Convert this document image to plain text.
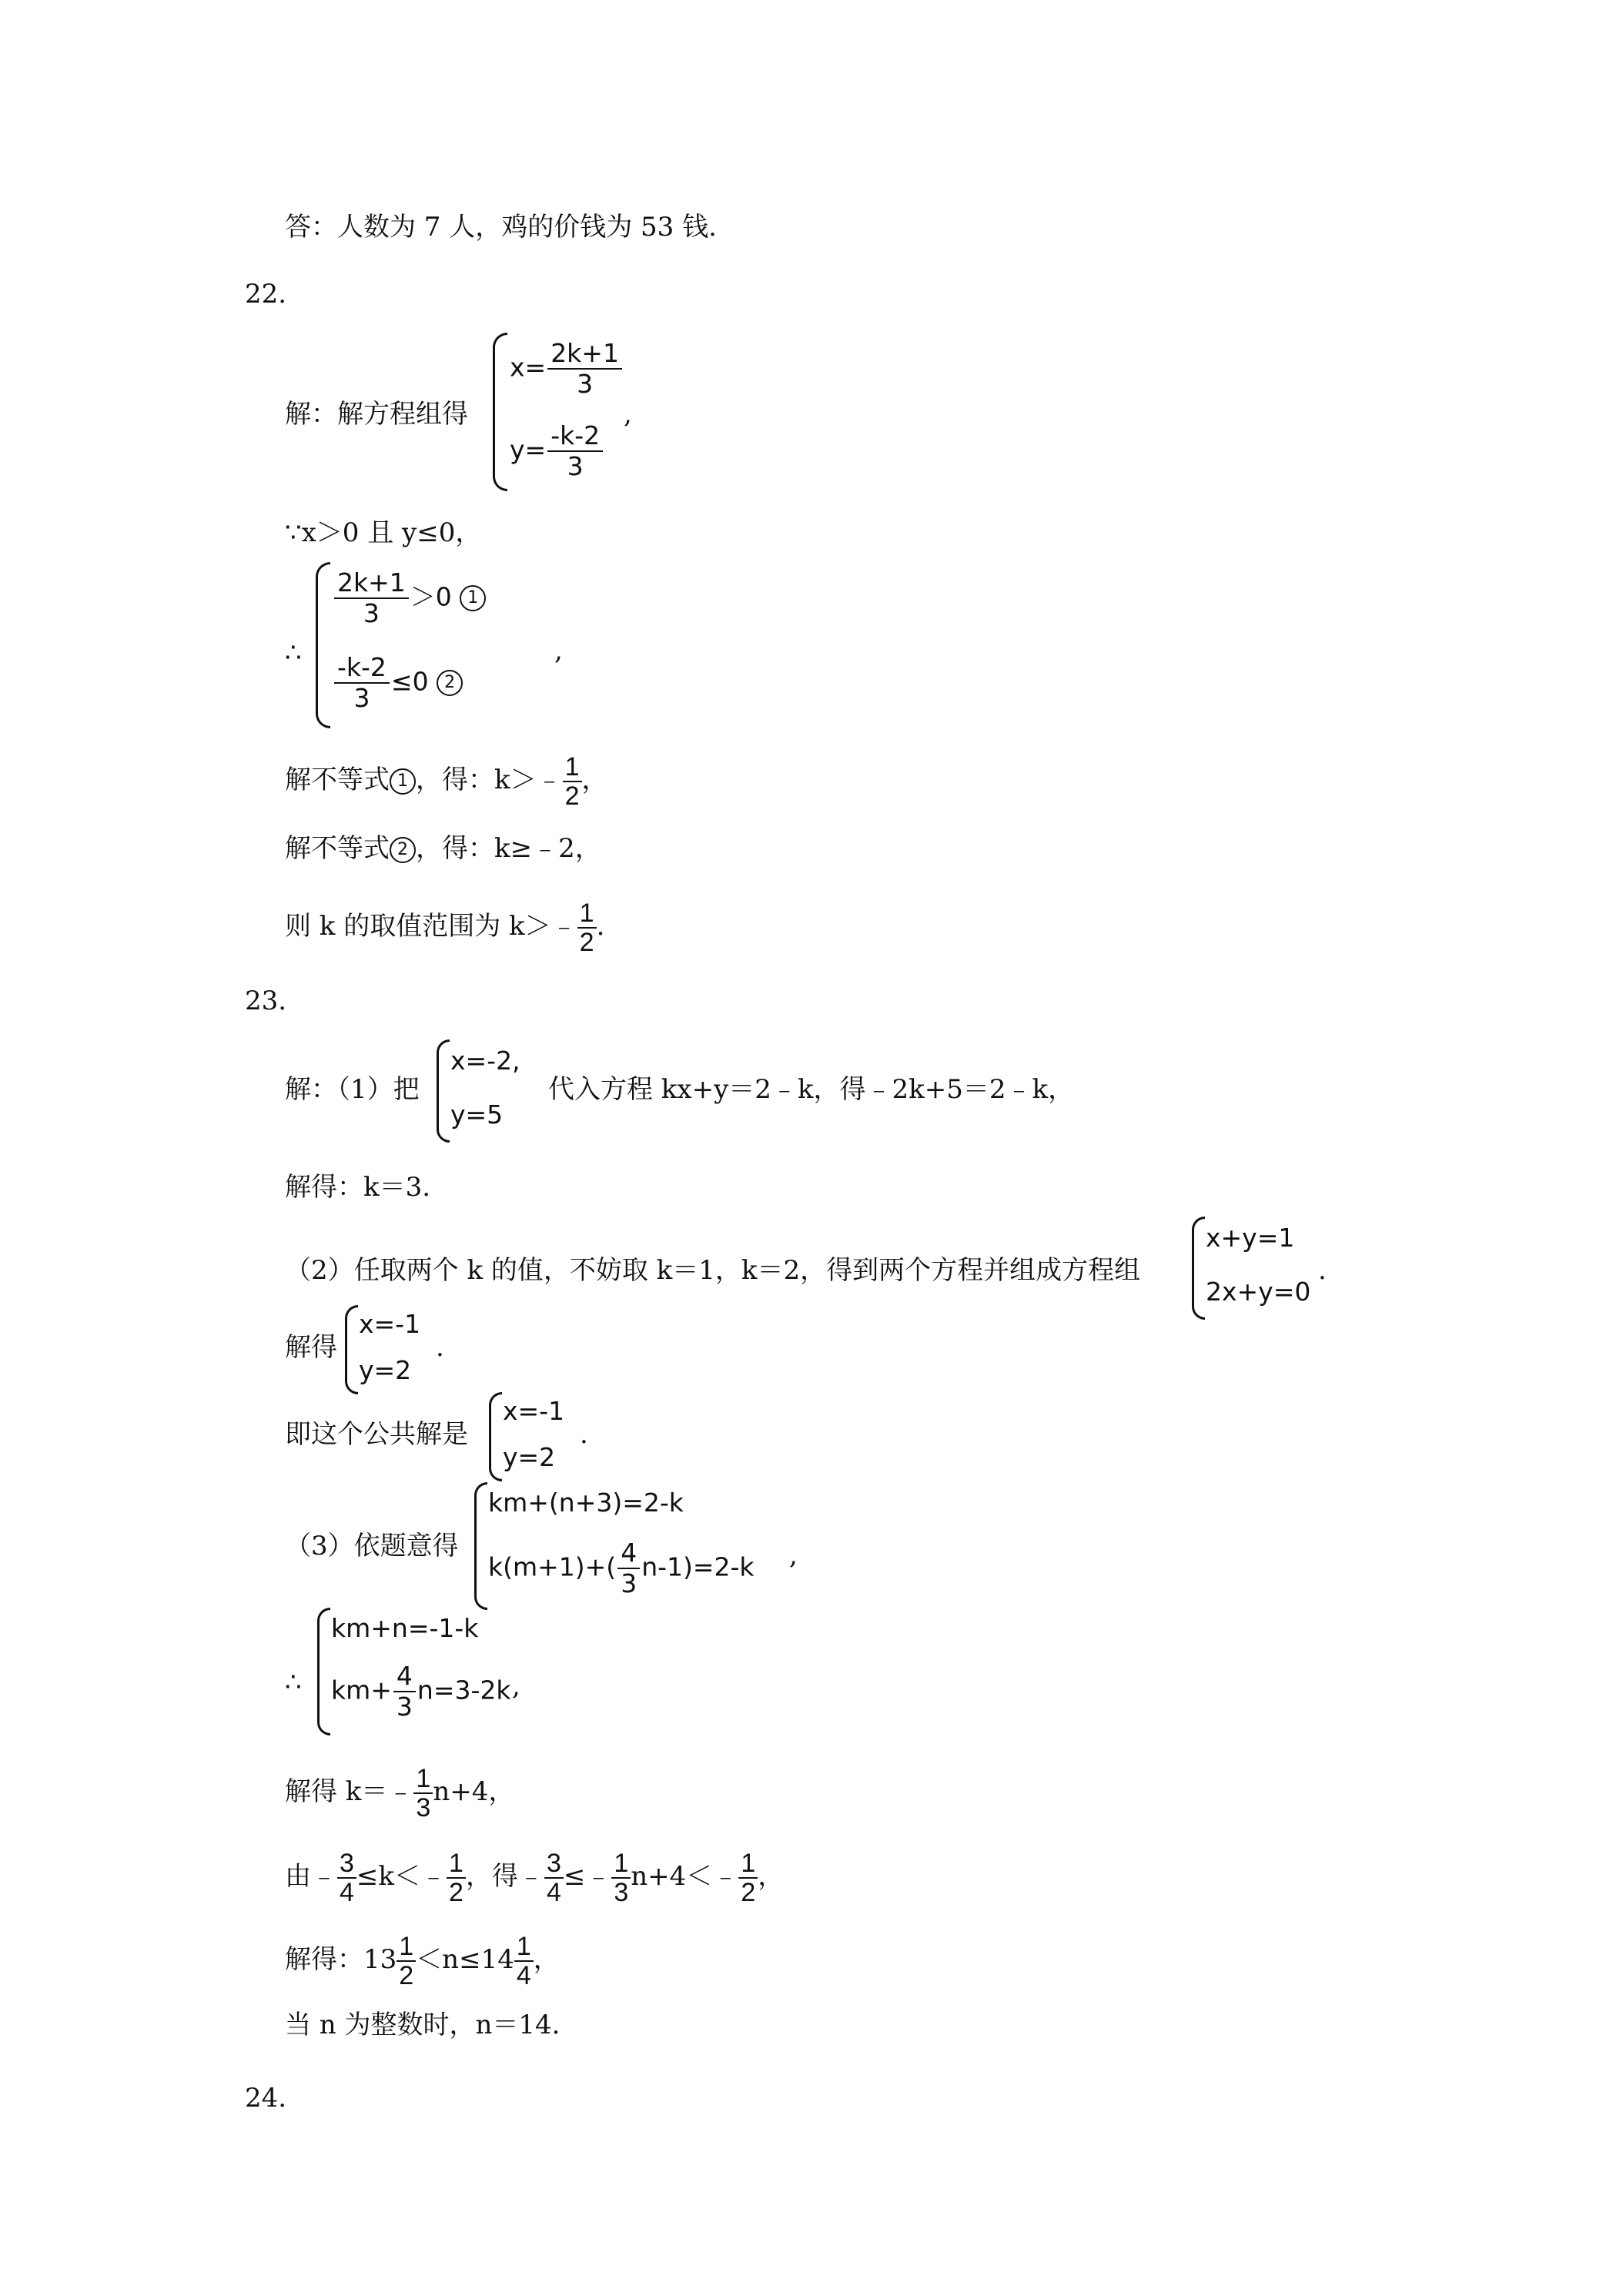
答：人数为 7 人，鸡的价钱为 53 钱.
22.
解：解方程组得
$x= \frac{2k+1}{3}$
$y= \frac{-k-2}{3}$
,
∵x＞0 且 y≤0，
∴
$\frac{2k+1}{3} >0$ 1
$\frac{-k-2}{3} \le 0$ 2
,
解不等式 1 ，得：k＞﹣ $\frac{1}{2}$ ，
解不等式 2 ，得：k≥﹣2，
则 k 的取值范围为 k＞﹣ $\frac{1}{2}$ .
23.
解：（1）把
x=-2,
y=5
代入方程 kx+y＝2﹣k，得﹣2k+5＝2﹣k，
解得：k＝3.
（2）任取两个 k 的值，不妨取 k＝1，k＝2，得到两个方程并组成方程组
x+y=1
2x+y=0
.
解得
x=-1
y=2
.
即这个公共解是
x=-1
y=2
.
（3）依题意得
km+(n+3)=2-k
$k(m+1)+( \frac{4}{3} n-1)=2-k$ ,
∴
km+n=-1-k
$km+ \frac{4}{3} n=3-2k$ ,
解得 k＝﹣ $\frac{1}{3} n+4$，
由﹣ $\frac{3}{4}$ ≤k＜﹣ $\frac{1}{2}$ ，得﹣ $\frac{3}{4}$ ≤﹣ $\frac{1}{3}$ n+4＜﹣ $\frac{1}{2}$ ，
解得：$13 \frac{1}{2} <n\le 14 \frac{1}{4}$ ，
当 n 为整数时，n＝14.
24.
